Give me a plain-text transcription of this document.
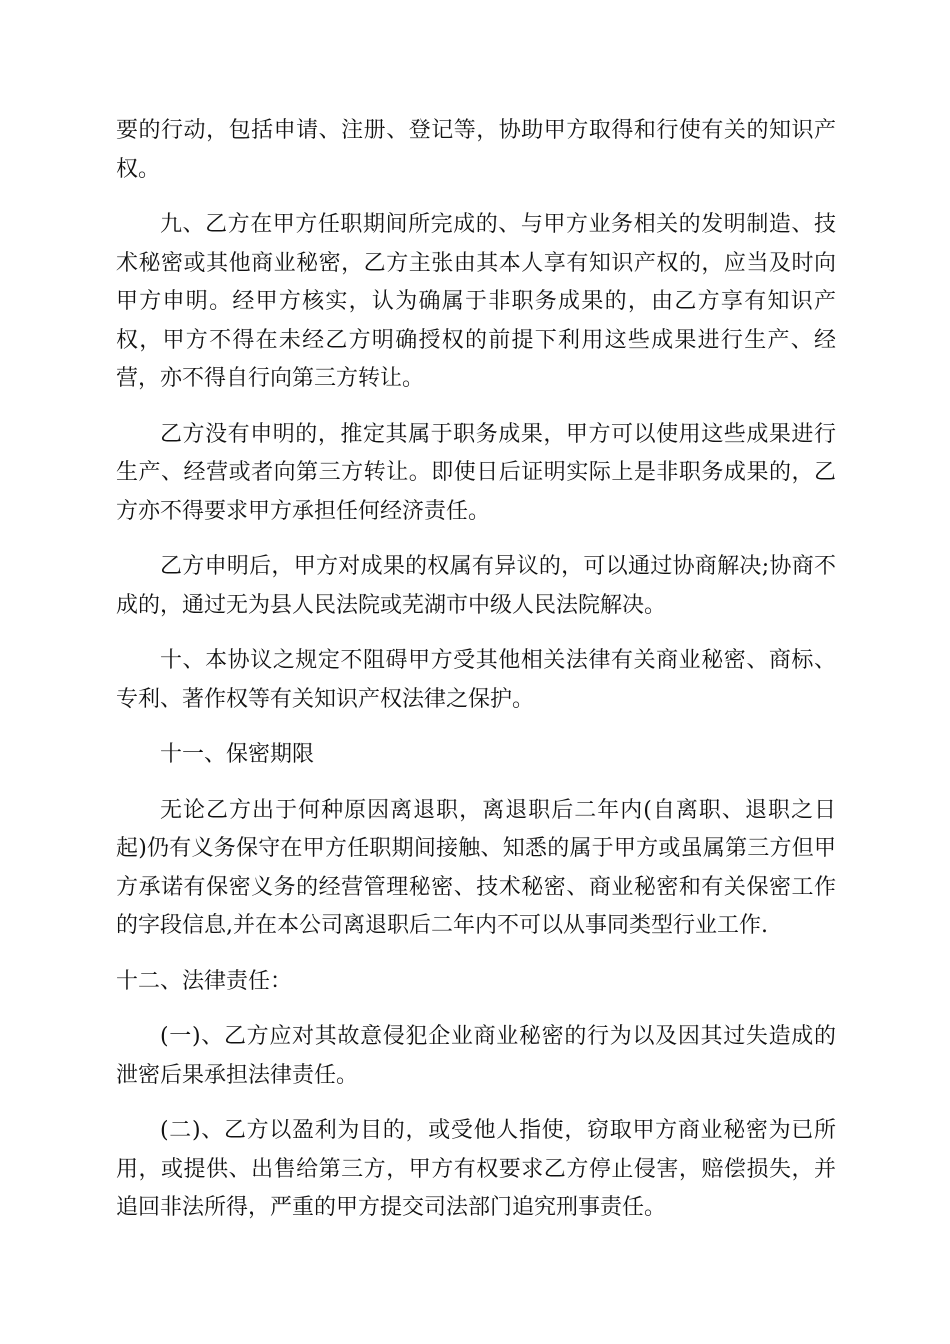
要的行动，包括申请、注册、登记等，协助甲方取得和行使有关的知识产权。

九、乙方在甲方任职期间所完成的、与甲方业务相关的发明制造、技术秘密或其他商业秘密，乙方主张由其本人享有知识产权的，应当及时向甲方申明。经甲方核实，认为确属于非职务成果的，由乙方享有知识产权，甲方不得在未经乙方明确授权的前提下利用这些成果进行生产、经营，亦不得自行向第三方转让。

乙方没有申明的，推定其属于职务成果，甲方可以使用这些成果进行生产、经营或者向第三方转让。即使日后证明实际上是非职务成果的，乙方亦不得要求甲方承担任何经济责任。

乙方申明后，甲方对成果的权属有异议的，可以通过协商解决;协商不成的，通过无为县人民法院或芜湖市中级人民法院解决。

十、本协议之规定不阻碍甲方受其他相关法律有关商业秘密、商标、专利、著作权等有关知识产权法律之保护。

十一、保密期限

无论乙方出于何种原因离退职，离退职后二年内(自离职、退职之日起)仍有义务保守在甲方任职期间接触、知悉的属于甲方或虽属第三方但甲方承诺有保密义务的经营管理秘密、技术秘密、商业秘密和有关保密工作的字段信息,并在本公司离退职后二年内不可以从事同类型行业工作.

十二、法律责任：

(一)、乙方应对其故意侵犯企业商业秘密的行为以及因其过失造成的泄密后果承担法律责任。

(二)、乙方以盈利为目的，或受他人指使，窃取甲方商业秘密为已所用，或提供、出售给第三方，甲方有权要求乙方停止侵害，赔偿损失，并追回非法所得，严重的甲方提交司法部门追究刑事责任。
